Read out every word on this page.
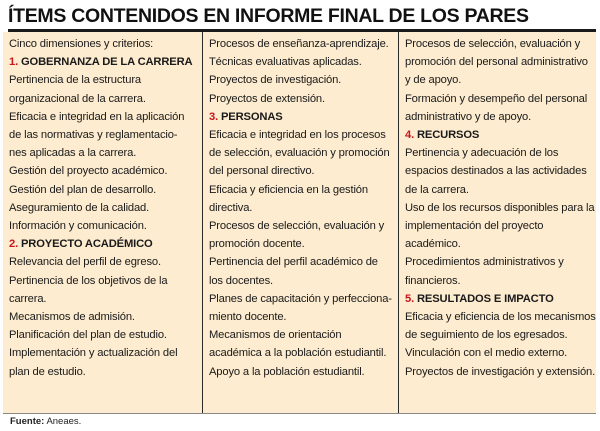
ÍTEMS CONTENIDOS EN INFORME FINAL DE LOS PARES
Cinco dimensiones y criterios:
1. GOBERNANZA DE LA CARRERA
Pertinencia de la estructura
organizacional de la carrera.
Eficacia e integridad en la aplicación
de las normativas y reglamentacio-
nes aplicadas a la carrera.
Gestión del proyecto académico.
Gestión del plan de desarrollo.
Aseguramiento de la calidad.
Información y comunicación.
2. PROYECTO ACADÉMICO
Relevancia del perfil de egreso.
Pertinencia de los objetivos de la
carrera.
Mecanismos de admisión.
Planificación del plan de estudio.
Implementación y actualización del
plan de estudio.
Procesos de enseñanza-aprendizaje.
Técnicas evaluativas aplicadas.
Proyectos de investigación.
Proyectos de extensión.
3. PERSONAS
Eficacia e integridad en los procesos
de selección, evaluación y promoción
del personal directivo.
Eficacia y eficiencia en la gestión
directiva.
Procesos de selección, evaluación y
promoción docente.
Pertinencia del perfil académico de
los docentes.
Planes de capacitación y perfecciona-
miento docente.
Mecanismos de orientación
académica a la población estudiantil.
Apoyo a la población estudiantil.
Procesos de selección, evaluación y
promoción del personal administrativo
y de apoyo.
Formación y desempeño del personal
administrativo y de apoyo.
4. RECURSOS
Pertinencia y adecuación de los
espacios destinados a las actividades
de la carrera.
Uso de los recursos disponibles para la
implementación del proyecto
académico.
Procedimientos administrativos y
financieros.
5. RESULTADOS E IMPACTO
Eficacia y eficiencia de los mecanismos
de seguimiento de los egresados.
Vinculación con el medio externo.
Proyectos de investigación y extensión.
Fuente: Aneaes.
